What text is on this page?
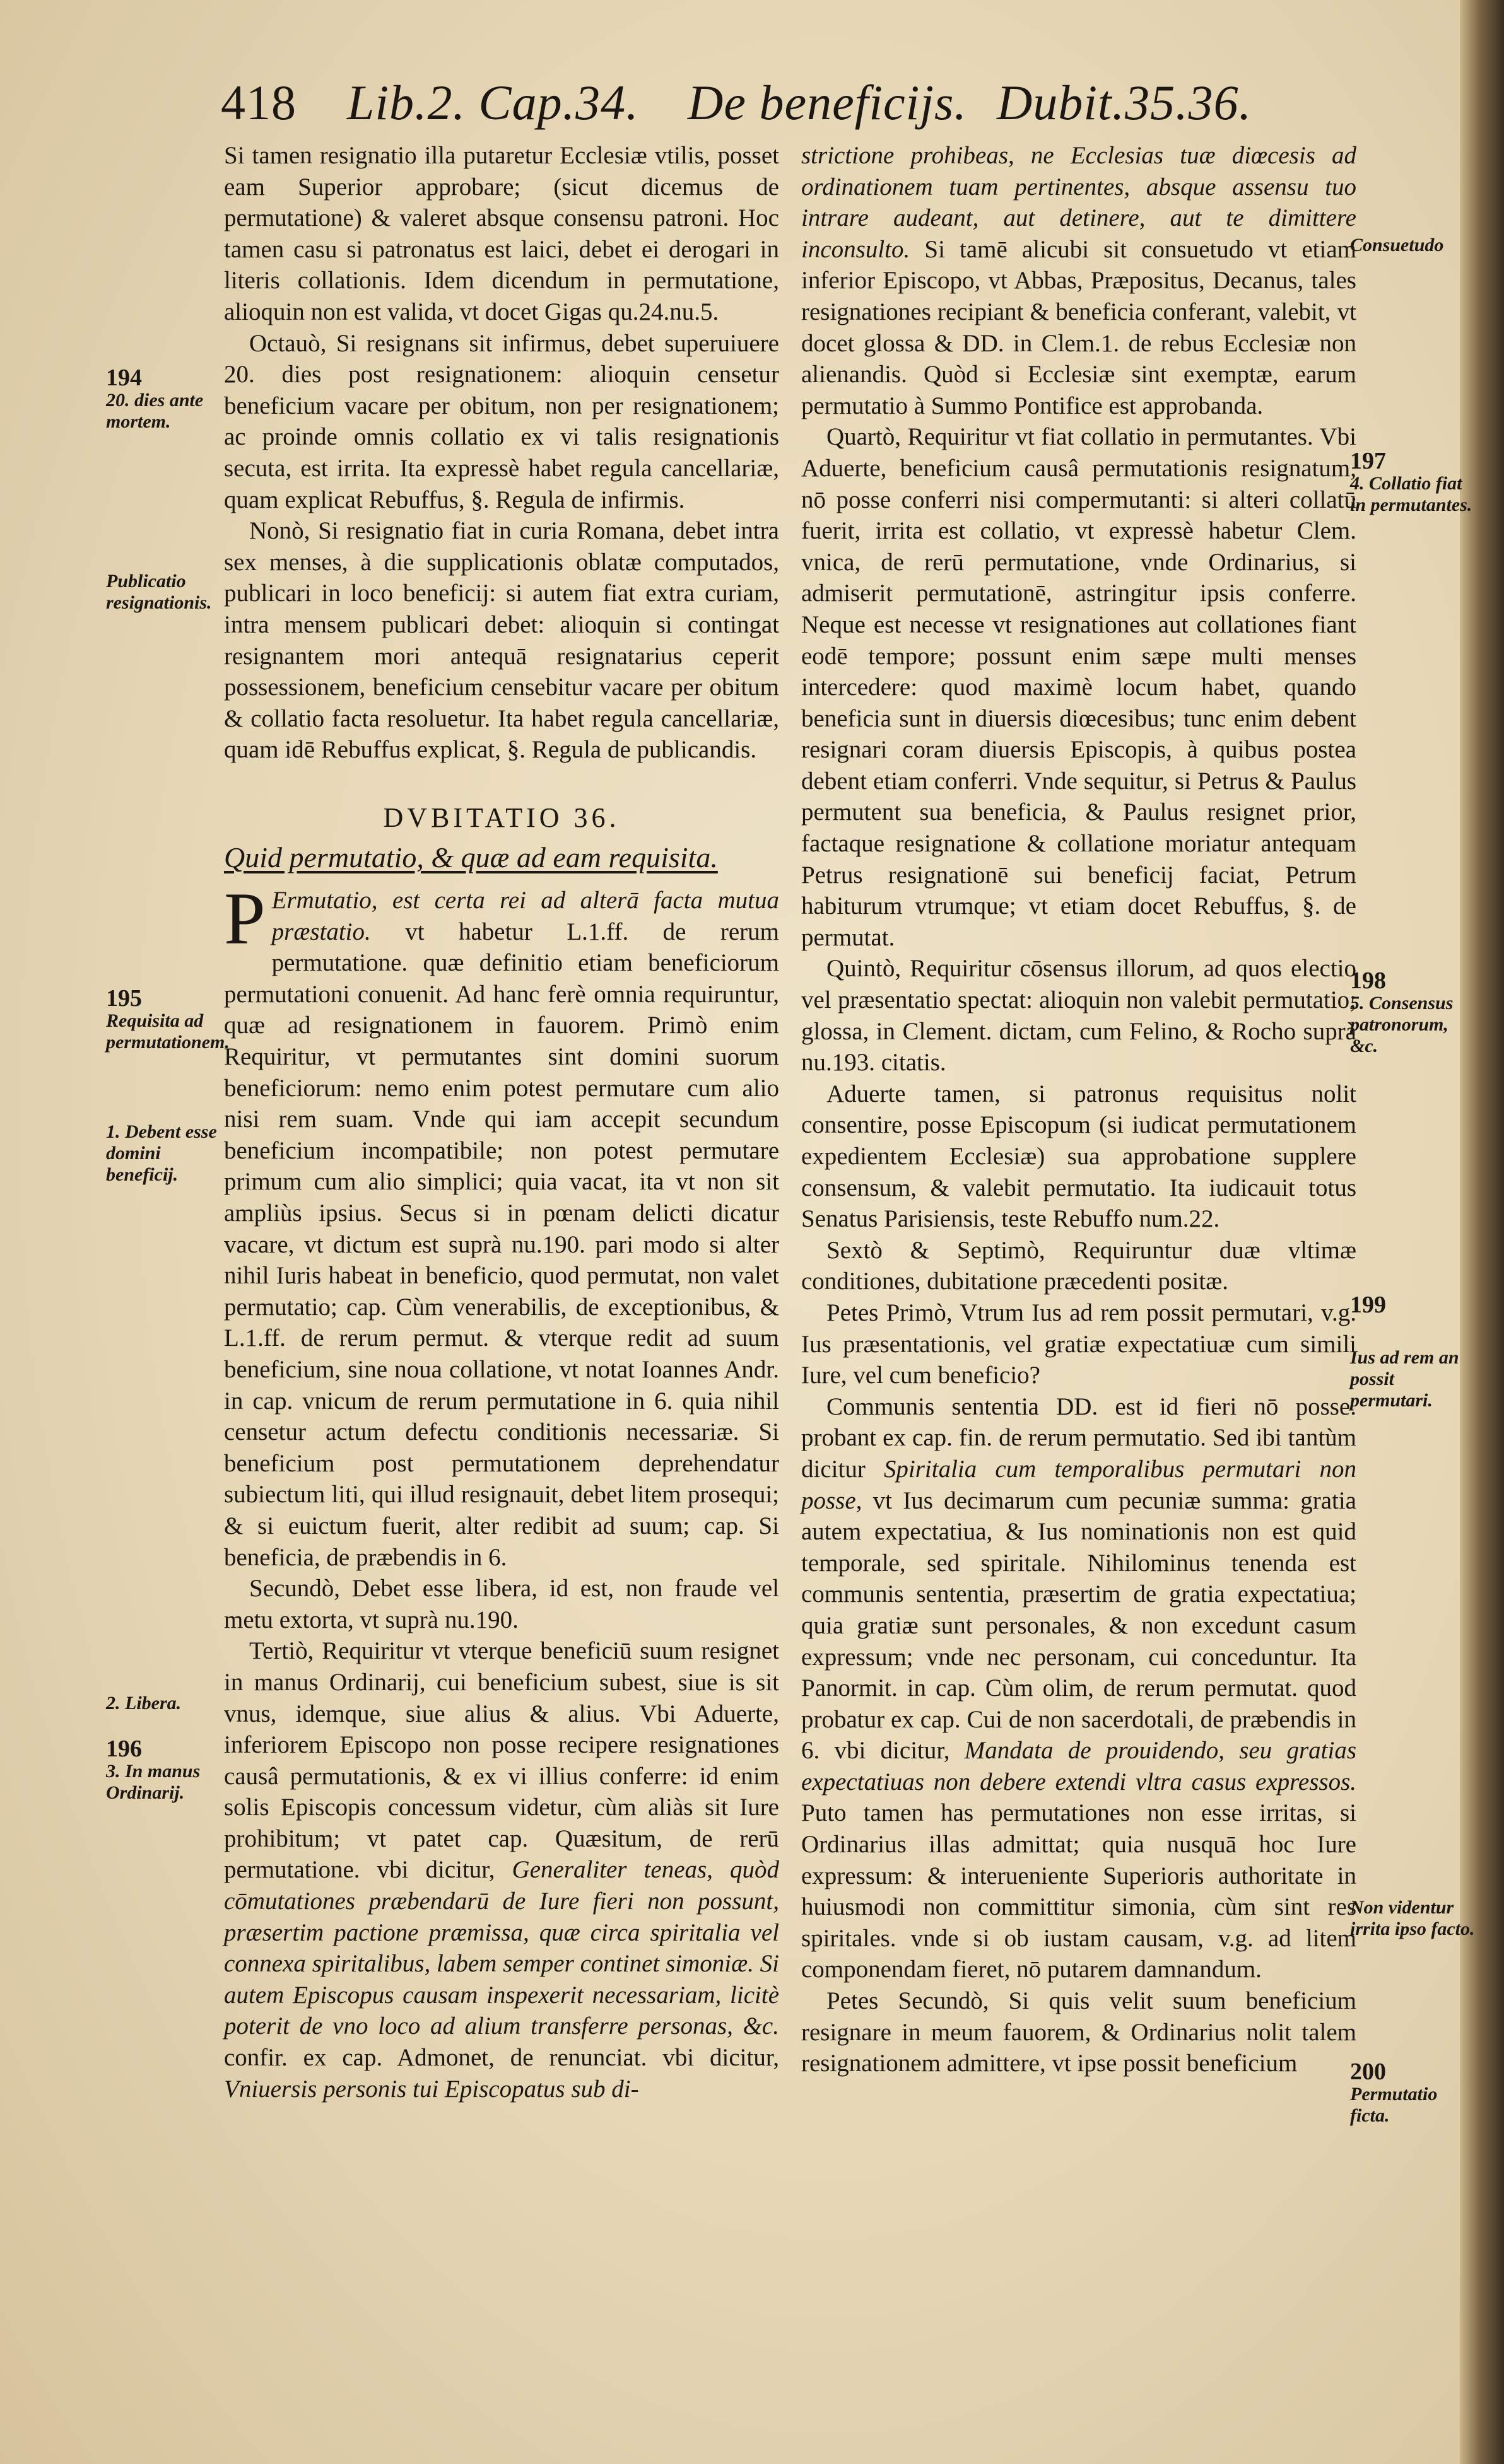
418 Lib.2. Cap.34. De beneficijs. Dubit.35.36.

Si tamen resignatio illa putaretur Ecclesiæ vtilis, posset eam Superior approbare; (sicut dicemus de permutatione) & valeret absque consensu patroni. Hoc tamen casu si patronatus est laici, debet ei derogari in literis collationis. Idem dicendum in permutatione, alioquin non est valida, vt docet Gigas qu.24.nu.5.

Octauò, Si resignans sit infirmus, debet superuiuere 20. dies post resignationem: alioquin censetur beneficium vacare per obitum, non per resignationem; ac proinde omnis collatio ex vi talis resignationis secuta, est irrita. Ita expressè habet regula cancellariæ, quam explicat Rebuffus, §. Regula de infirmis.

Nonò, Si resignatio fiat in curia Romana, debet intra sex menses, à die supplicationis oblatæ computados, publicari in loco beneficij: si autem fiat extra curiam, intra mensem publicari debet: alioquin si contingat resignantem mori antequā resignatarius ceperit possessionem, beneficium censebitur vacare per obitum & collatio facta resoluetur. Ita habet regula cancellariæ, quam idē Rebuffus explicat, §. Regula de publicandis.

DVBITATIO 36.

Quid permutatio, & quæ ad eam requisita.

P Ermutatio, est certa rei ad alterā facta mutua præstatio. vt habetur L.1.ff. de rerum permutatione. quæ definitio etiam beneficiorum permutationi conuenit. Ad hanc ferè omnia requiruntur, quæ ad resignationem in fauorem. Primò enim Requiritur, vt permutantes sint domini suorum beneficiorum: nemo enim potest permutare cum alio nisi rem suam. Vnde qui iam accepit secundum beneficium incompatibile; non potest permutare primum cum alio simplici; quia vacat, ita vt non sit ampliùs ipsius. Secus si in pœnam delicti dicatur vacare, vt dictum est suprà nu.190. pari modo si alter nihil Iuris habeat in beneficio, quod permutat, non valet permutatio; cap. Cùm venerabilis, de exceptionibus, & L.1.ff. de rerum permut. & vterque redit ad suum beneficium, sine noua collatione, vt notat Ioannes Andr. in cap. vnicum de rerum permutatione in 6. quia nihil censetur actum defectu conditionis necessariæ. Si beneficium post permutationem deprehendatur subiectum liti, qui illud resignauit, debet litem prosequi; & si euictum fuerit, alter redibit ad suum; cap. Si beneficia, de præbendis in 6.

Secundò, Debet esse libera, id est, non fraude vel metu extorta, vt suprà nu.190.

Tertiò, Requiritur vt vterque beneficiū suum resignet in manus Ordinarij, cui beneficium subest, siue is sit vnus, idemque, siue alius & alius. Vbi Aduerte, inferiorem Episcopo non posse recipere resignationes causâ permutationis, & ex vi illius conferre: id enim solis Episcopis concessum videtur, cùm aliàs sit Iure prohibitum; vt patet cap. Quæsitum, de rerū permutatione. vbi dicitur, Generaliter teneas, quòd cōmutationes præbendarū de Iure fieri non possunt, præsertim pactione præmissa, quæ circa spiritalia vel connexa spiritalibus, labem semper continet simoniæ. Si autem Episcopus causam inspexerit necessariam, licitè poterit de vno loco ad alium transferre personas, &c. confir. ex cap. Admonet, de renunciat. vbi dicitur, Vniuersis personis tui Episcopatus sub di-

strictione prohibeas, ne Ecclesias tuæ diœcesis ad ordinationem tuam pertinentes, absque assensu tuo intrare audeant, aut detinere, aut te dimittere inconsulto. Si tamē alicubi sit consuetudo vt etiam inferior Episcopo, vt Abbas, Præpositus, Decanus, tales resignationes recipiant & beneficia conferant, valebit, vt docet glossa & DD. in Clem.1. de rebus Ecclesiæ non alienandis. Quòd si Ecclesiæ sint exemptæ, earum permutatio à Summo Pontifice est approbanda.

Quartò, Requiritur vt fiat collatio in permutantes. Vbi Aduerte, beneficium causâ permutationis resignatum, nō posse conferri nisi compermutanti: si alteri collatū fuerit, irrita est collatio, vt expressè habetur Clem. vnica, de rerū permutatione, vnde Ordinarius, si admiserit permutationē, astringitur ipsis conferre. Neque est necesse vt resignationes aut collationes fiant eodē tempore; possunt enim sæpe multi menses intercedere: quod maximè locum habet, quando beneficia sunt in diuersis diœcesibus; tunc enim debent resignari coram diuersis Episcopis, à quibus postea debent etiam conferri. Vnde sequitur, si Petrus & Paulus permutent sua beneficia, & Paulus resignet prior, factaque resignatione & collatione moriatur antequam Petrus resignationē sui beneficij faciat, Petrum habiturum vtrumque; vt etiam docet Rebuffus, §. de permutat.

Quintò, Requiritur cōsensus illorum, ad quos electio vel præsentatio spectat: alioquin non valebit permutatio; glossa, in Clement. dictam, cum Felino, & Rocho suprà nu.193. citatis.

Aduerte tamen, si patronus requisitus nolit consentire, posse Episcopum (si iudicat permutationem expedientem Ecclesiæ) sua approbatione supplere consensum, & valebit permutatio. Ita iudicauit totus Senatus Parisiensis, teste Rebuffo num.22.

Sextò & Septimò, Requiruntur duæ vltimæ conditiones, dubitatione præcedenti positæ.

Petes Primò, Vtrum Ius ad rem possit permutari, v.g. Ius præsentationis, vel gratiæ expectatiuæ cum simili Iure, vel cum beneficio?

Communis sententia DD. est id fieri nō posse. probant ex cap. fin. de rerum permutatio. Sed ibi tantùm dicitur Spiritalia cum temporalibus permutari non posse, vt Ius decimarum cum pecuniæ summa: gratia autem expectatiua, & Ius nominationis non est quid temporale, sed spiritale. Nihilominus tenenda est communis sententia, præsertim de gratia expectatiua; quia gratiæ sunt personales, & non excedunt casum expressum; vnde nec personam, cui conceduntur. Ita Panormit. in cap. Cùm olim, de rerum permutat. quod probatur ex cap. Cui de non sacerdotali, de præbendis in 6. vbi dicitur, Mandata de prouidendo, seu gratias expectatiuas non debere extendi vltra casus expressos. Puto tamen has permutationes non esse irritas, si Ordinarius illas admittat; quia nusquā hoc Iure expressum: & interueniente Superioris authoritate in huiusmodi non committitur simonia, cùm sint res spiritales. vnde si ob iustam causam, v.g. ad litem componendam fieret, nō putarem damnandum.

Petes Secundò, Si quis velit suum beneficium resignare in meum fauorem, & Ordinarius nolit talem resignationem admittere, vt ipse possit beneficium

194
20. dies ante mortem.
Publicatio resignationis.
195
Requisita ad permutationem.
1. Debent esse domini beneficij.
2. Libera.
196
3. In manus Ordinarij.
Consuetudo
197
4. Collatio fiat in permutantes.
198
5. Consensus patronorum, &c.
199
Ius ad rem an possit permutari.
Non videntur irrita ipso facto.
200
Permutatio ficta.
